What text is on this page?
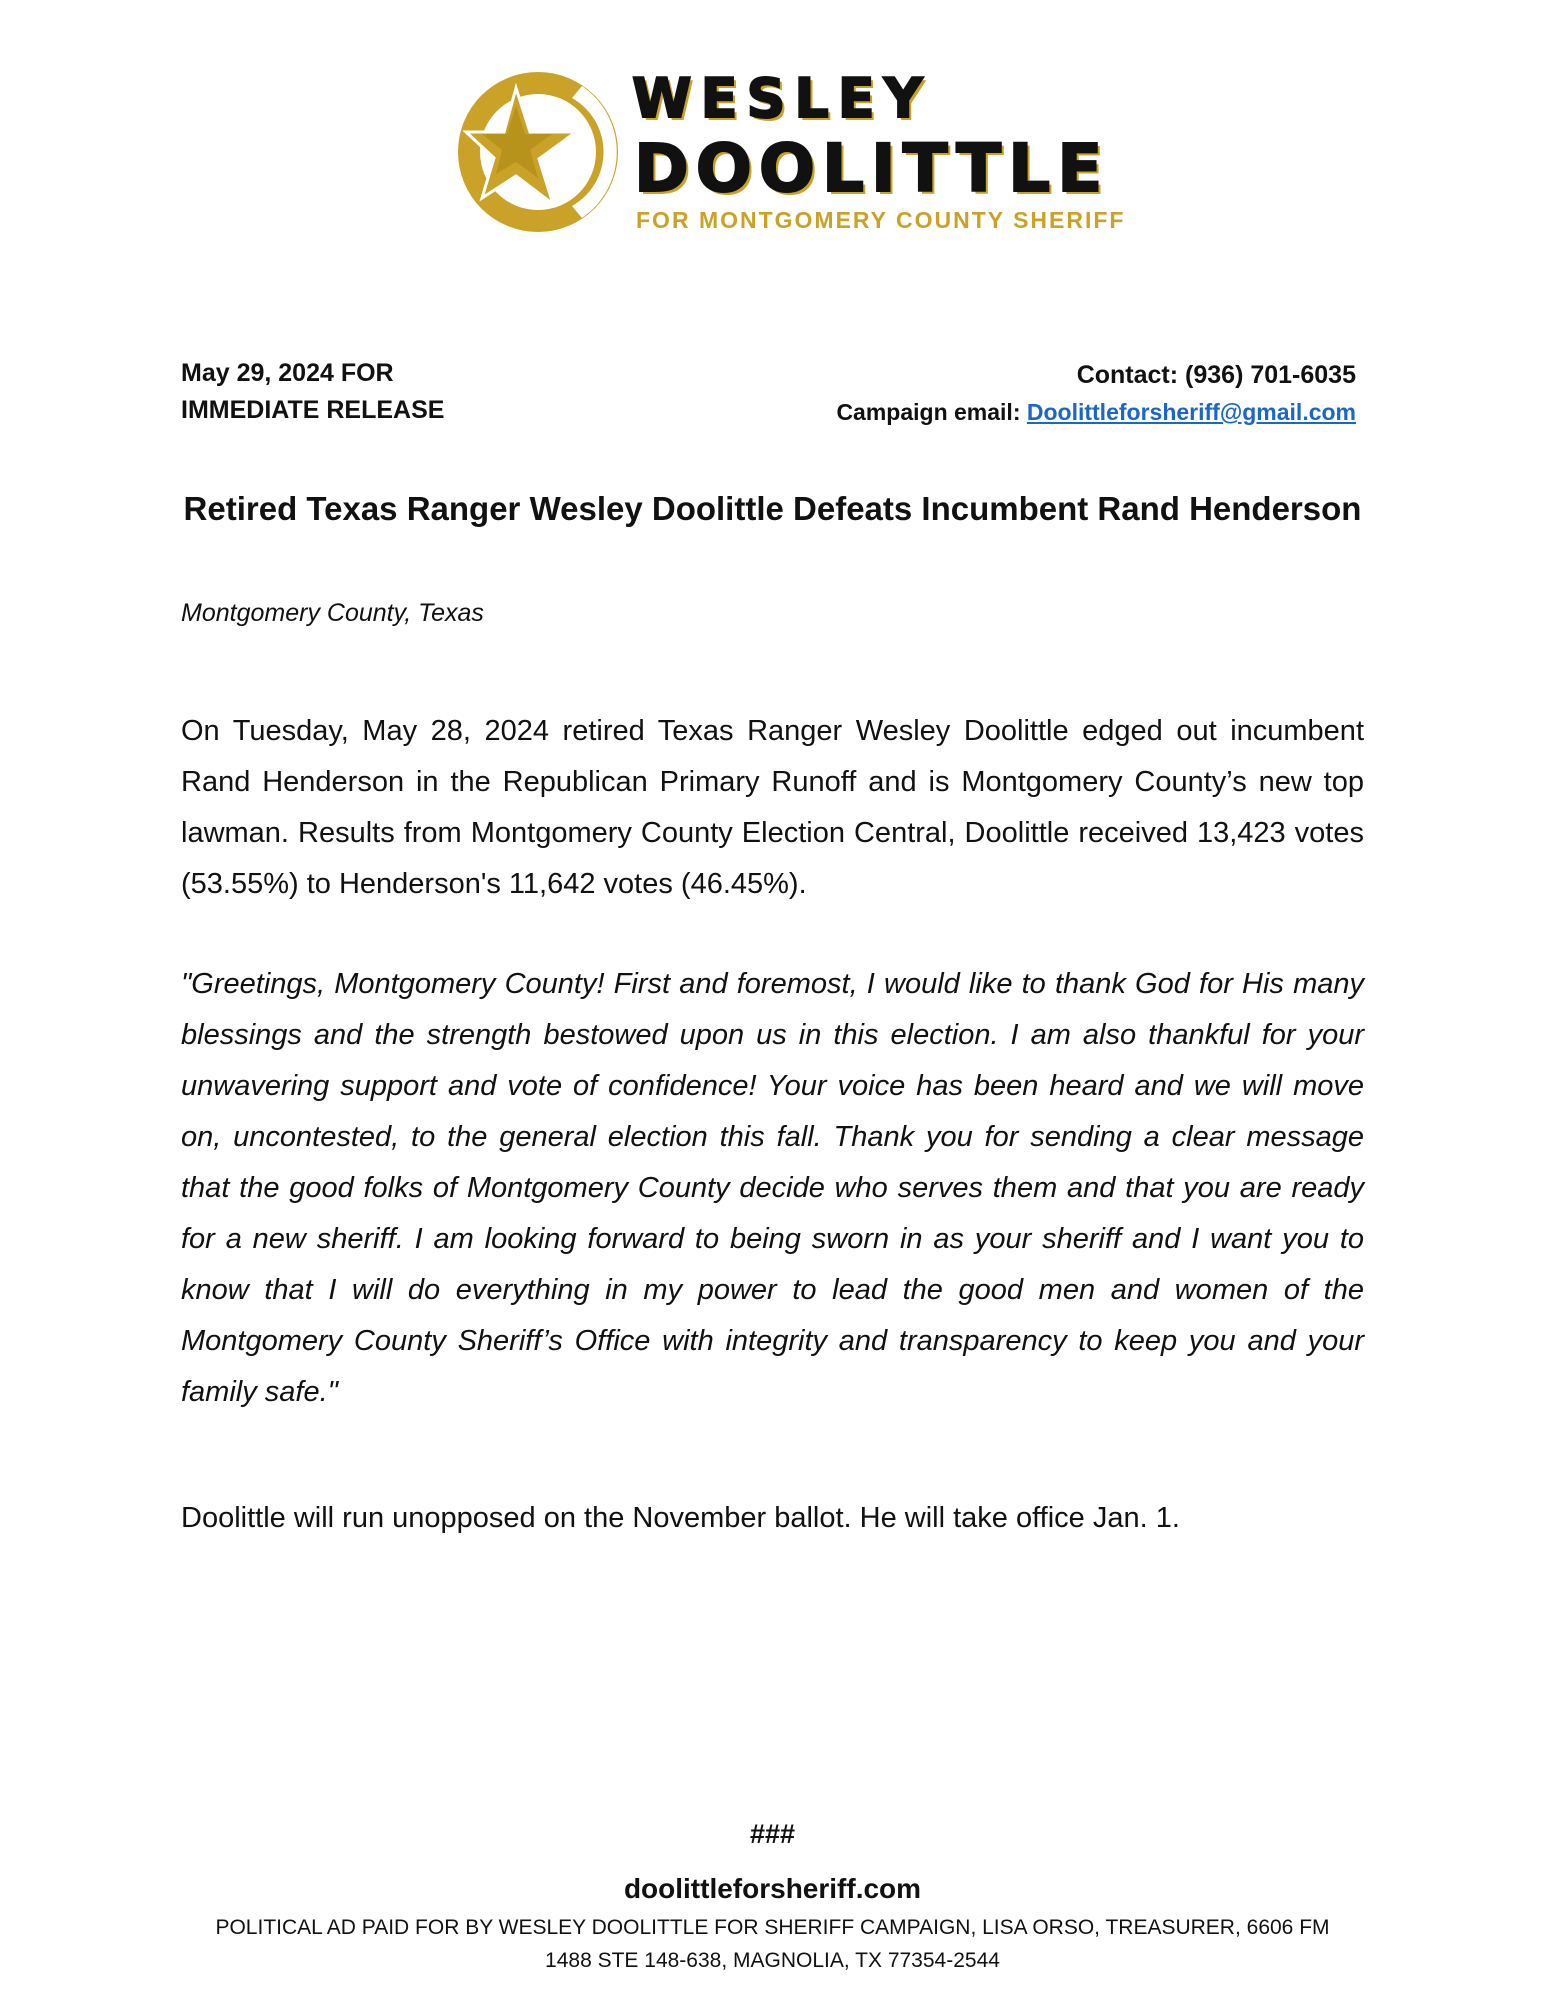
WESLEY
DOOLITTLE
FOR MONTGOMERY COUNTY SHERIFF
May 29, 2024 FOR
IMMEDIATE RELEASE
Contact: (936) 701-6035
Campaign email: Doolittleforsheriff@gmail.com
Retired Texas Ranger Wesley Doolittle Defeats Incumbent Rand Henderson
Montgomery County, Texas

On Tuesday, May 28, 2024 retired Texas Ranger Wesley Doolittle edged out incumbent Rand Henderson in the Republican Primary Runoff and is Montgomery County’s new top lawman. Results from Montgomery County Election Central, Doolittle received 13,423 votes (53.55%) to Henderson's 11,642 votes (46.45%).

"Greetings, Montgomery County! First and foremost, I would like to thank God for His many blessings and the strength bestowed upon us in this election. I am also thankful for your unwavering support and vote of confidence! Your voice has been heard and we will move on, uncontested, to the general election this fall. Thank you for sending a clear message that the good folks of Montgomery County decide who serves them and that you are ready for a new sheriff. I am looking forward to being sworn in as your sheriff and I want you to know that I will do everything in my power to lead the good men and women of the Montgomery County Sheriff’s Office with integrity and transparency to keep you and your family safe."

Doolittle will run unopposed on the November ballot. He will take office Jan. 1.

###
doolittleforsheriff.com
POLITICAL AD PAID FOR BY WESLEY DOOLITTLE FOR SHERIFF CAMPAIGN, LISA ORSO, TREASURER, 6606 FM
1488 STE 148-638, MAGNOLIA, TX 77354-2544
